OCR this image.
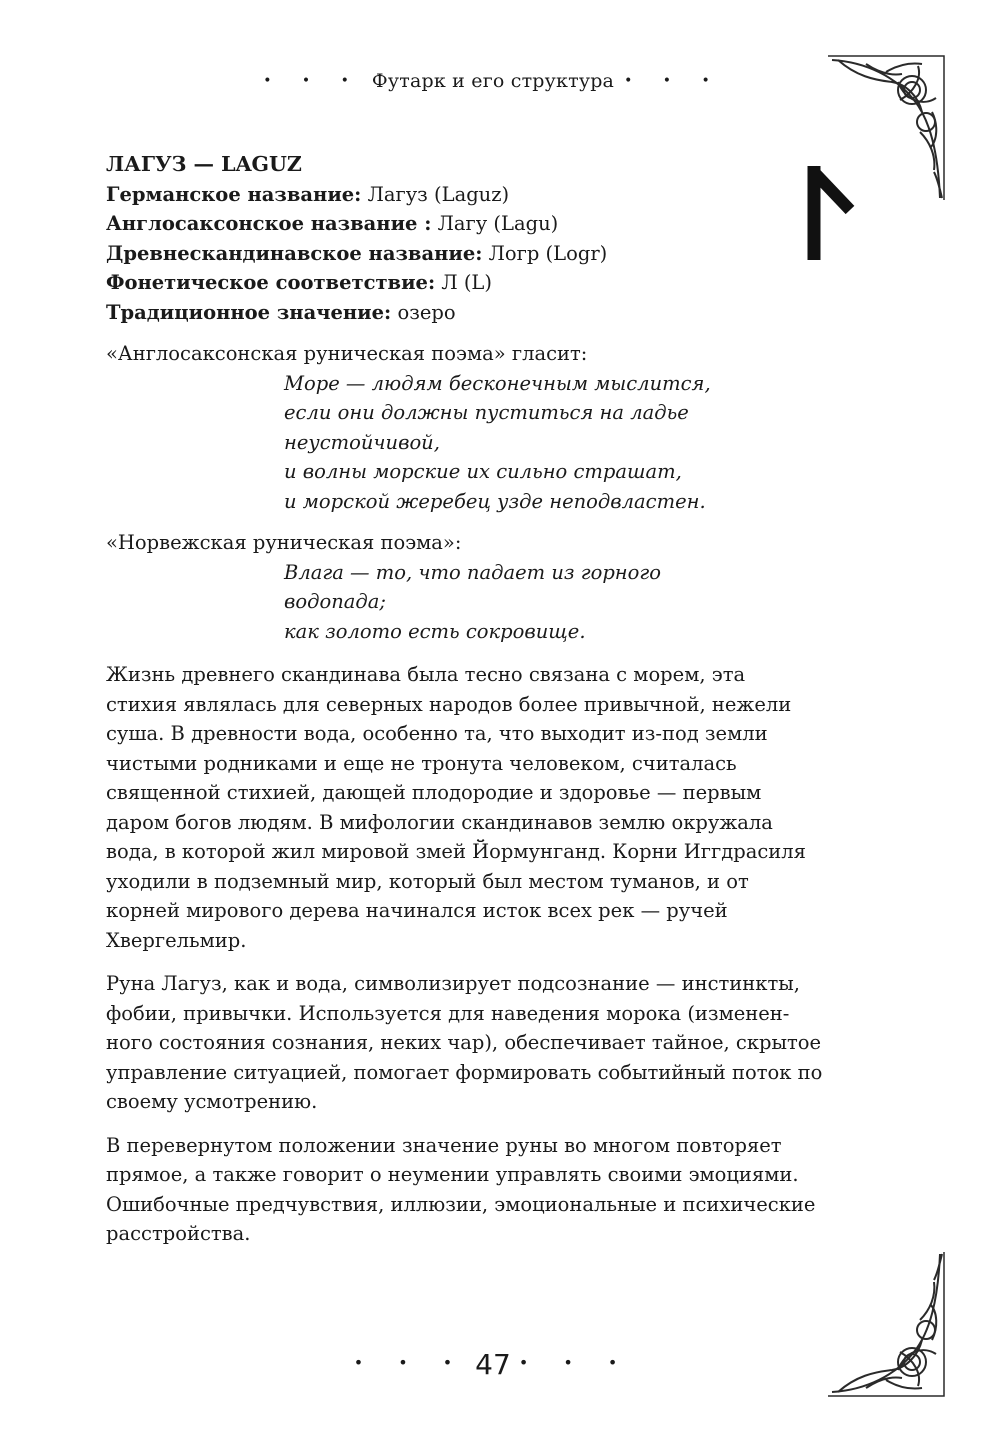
• • • Футарк и его структура • • •

ЛАГУЗ — LAGUZ

Германское название: Лагуз (Laguz)

Англосаксонское название : Лагу (Lagu)

Древнескандинавское название: Логр (Logr)

Фонетическое соответствие: Л (L)

Традиционное значение: озеро

«Англосаксонская руническая поэма» гласит:

Море — людям бесконечным мыслится,

если они должны пуститься на ладье

неустойчивой,

и волны морские их сильно страшат,

и морской жеребец узде неподвластен.

«Норвежская руническая поэма»:

Влага — то, что падает из горного

водопада;

как золото есть сокровище.

Жизнь древнего скандинава была тесно связана с морем, эта

стихия являлась для северных народов более привычной, нежели

суша. В древности вода, особенно та, что выходит из-под земли

чистыми родниками и еще не тронута человеком, считалась

священной стихией, дающей плодородие и здоровье — первым

даром богов людям. В мифологии скандинавов землю окружала

вода, в которой жил мировой змей Йормунганд. Корни Иггдрасиля

уходили в подземный мир, который был местом туманов, и от

корней мирового дерева начинался исток всех рек — ручей

Хвергельмир.

Руна Лагуз, как и вода, символизирует подсознание — инстинкты,

фобии, привычки. Используется для наведения морока (изменен-

ного состояния сознания, неких чар), обеспечивает тайное, скрытое

управление ситуацией, помогает формировать событийный поток по

своему усмотрению.

В перевернутом положении значение руны во многом повторяет

прямое, а также говорит о неумении управлять своими эмоциями.

Ошибочные предчувствия, иллюзии, эмоциональные и психические

расстройства.

• • • 47 • • •
